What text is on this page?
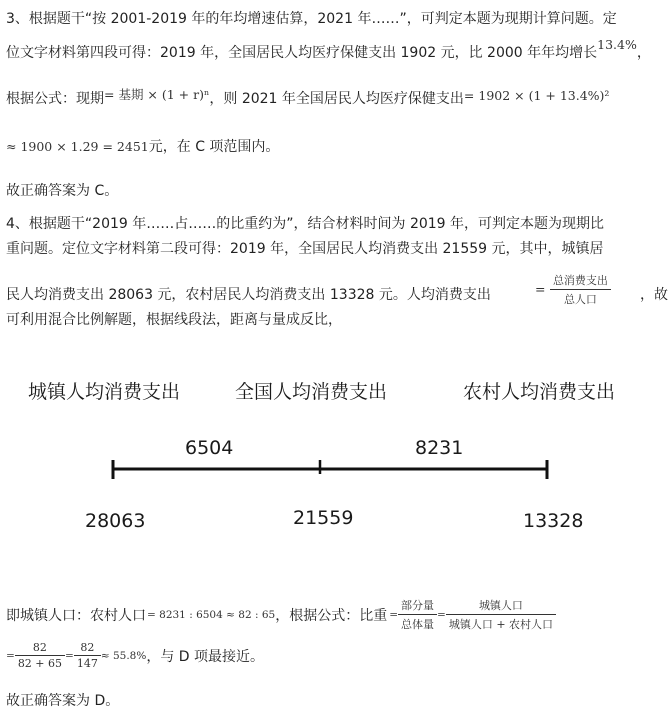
3、根据题干“按 2001-2019 年的年均增速估算，2021 年……”，可判定本题为现期计算问题。定
位文字材料第四段可得：2019 年，全国居民人均医疗保健支出 1902 元，比 2000 年年均增长13.4%，
根据公式：现期= 基期 × (1 + r)ⁿ，则 2021 年全国居民人均医疗保健支出= 1902 × (1 + 13.4%)²
≈ 1900 × 1.29 = 2451元，在 C 项范围内。
故正确答案为 C。
4、根据题干“2019 年……占……的比重约为”，结合材料时间为 2019 年，可判定本题为现期比
重问题。定位文字材料第二段可得：2019 年，全国居民人均消费支出 21559 元，其中，城镇居
民人均消费支出 28063 元，农村居民人均消费支出 13328 元。人均消费支出	= $\frac{\text{总消费支出}}{\text{总人口}}$ ，故
可利用混合比例解题，根据线段法，距离与量成反比，
城镇人均消费支出	全国人均消费支出	农村人均消费支出
6504	8231
28063	21559	13328
即城镇人口：农村人口 = 8231 : 6504 ≈ 82 : 65 ，根据公式：比重 = $\frac{\text{部分量}}{\text{总体量}} = \frac{\text{城镇人口}}{\text{城镇人口 + 农村人口}}$
= $\frac{82}{82 + 65} = \frac{82}{147} \approx 55.8\%$ ，与 D 项最接近。
故正确答案为 D。
